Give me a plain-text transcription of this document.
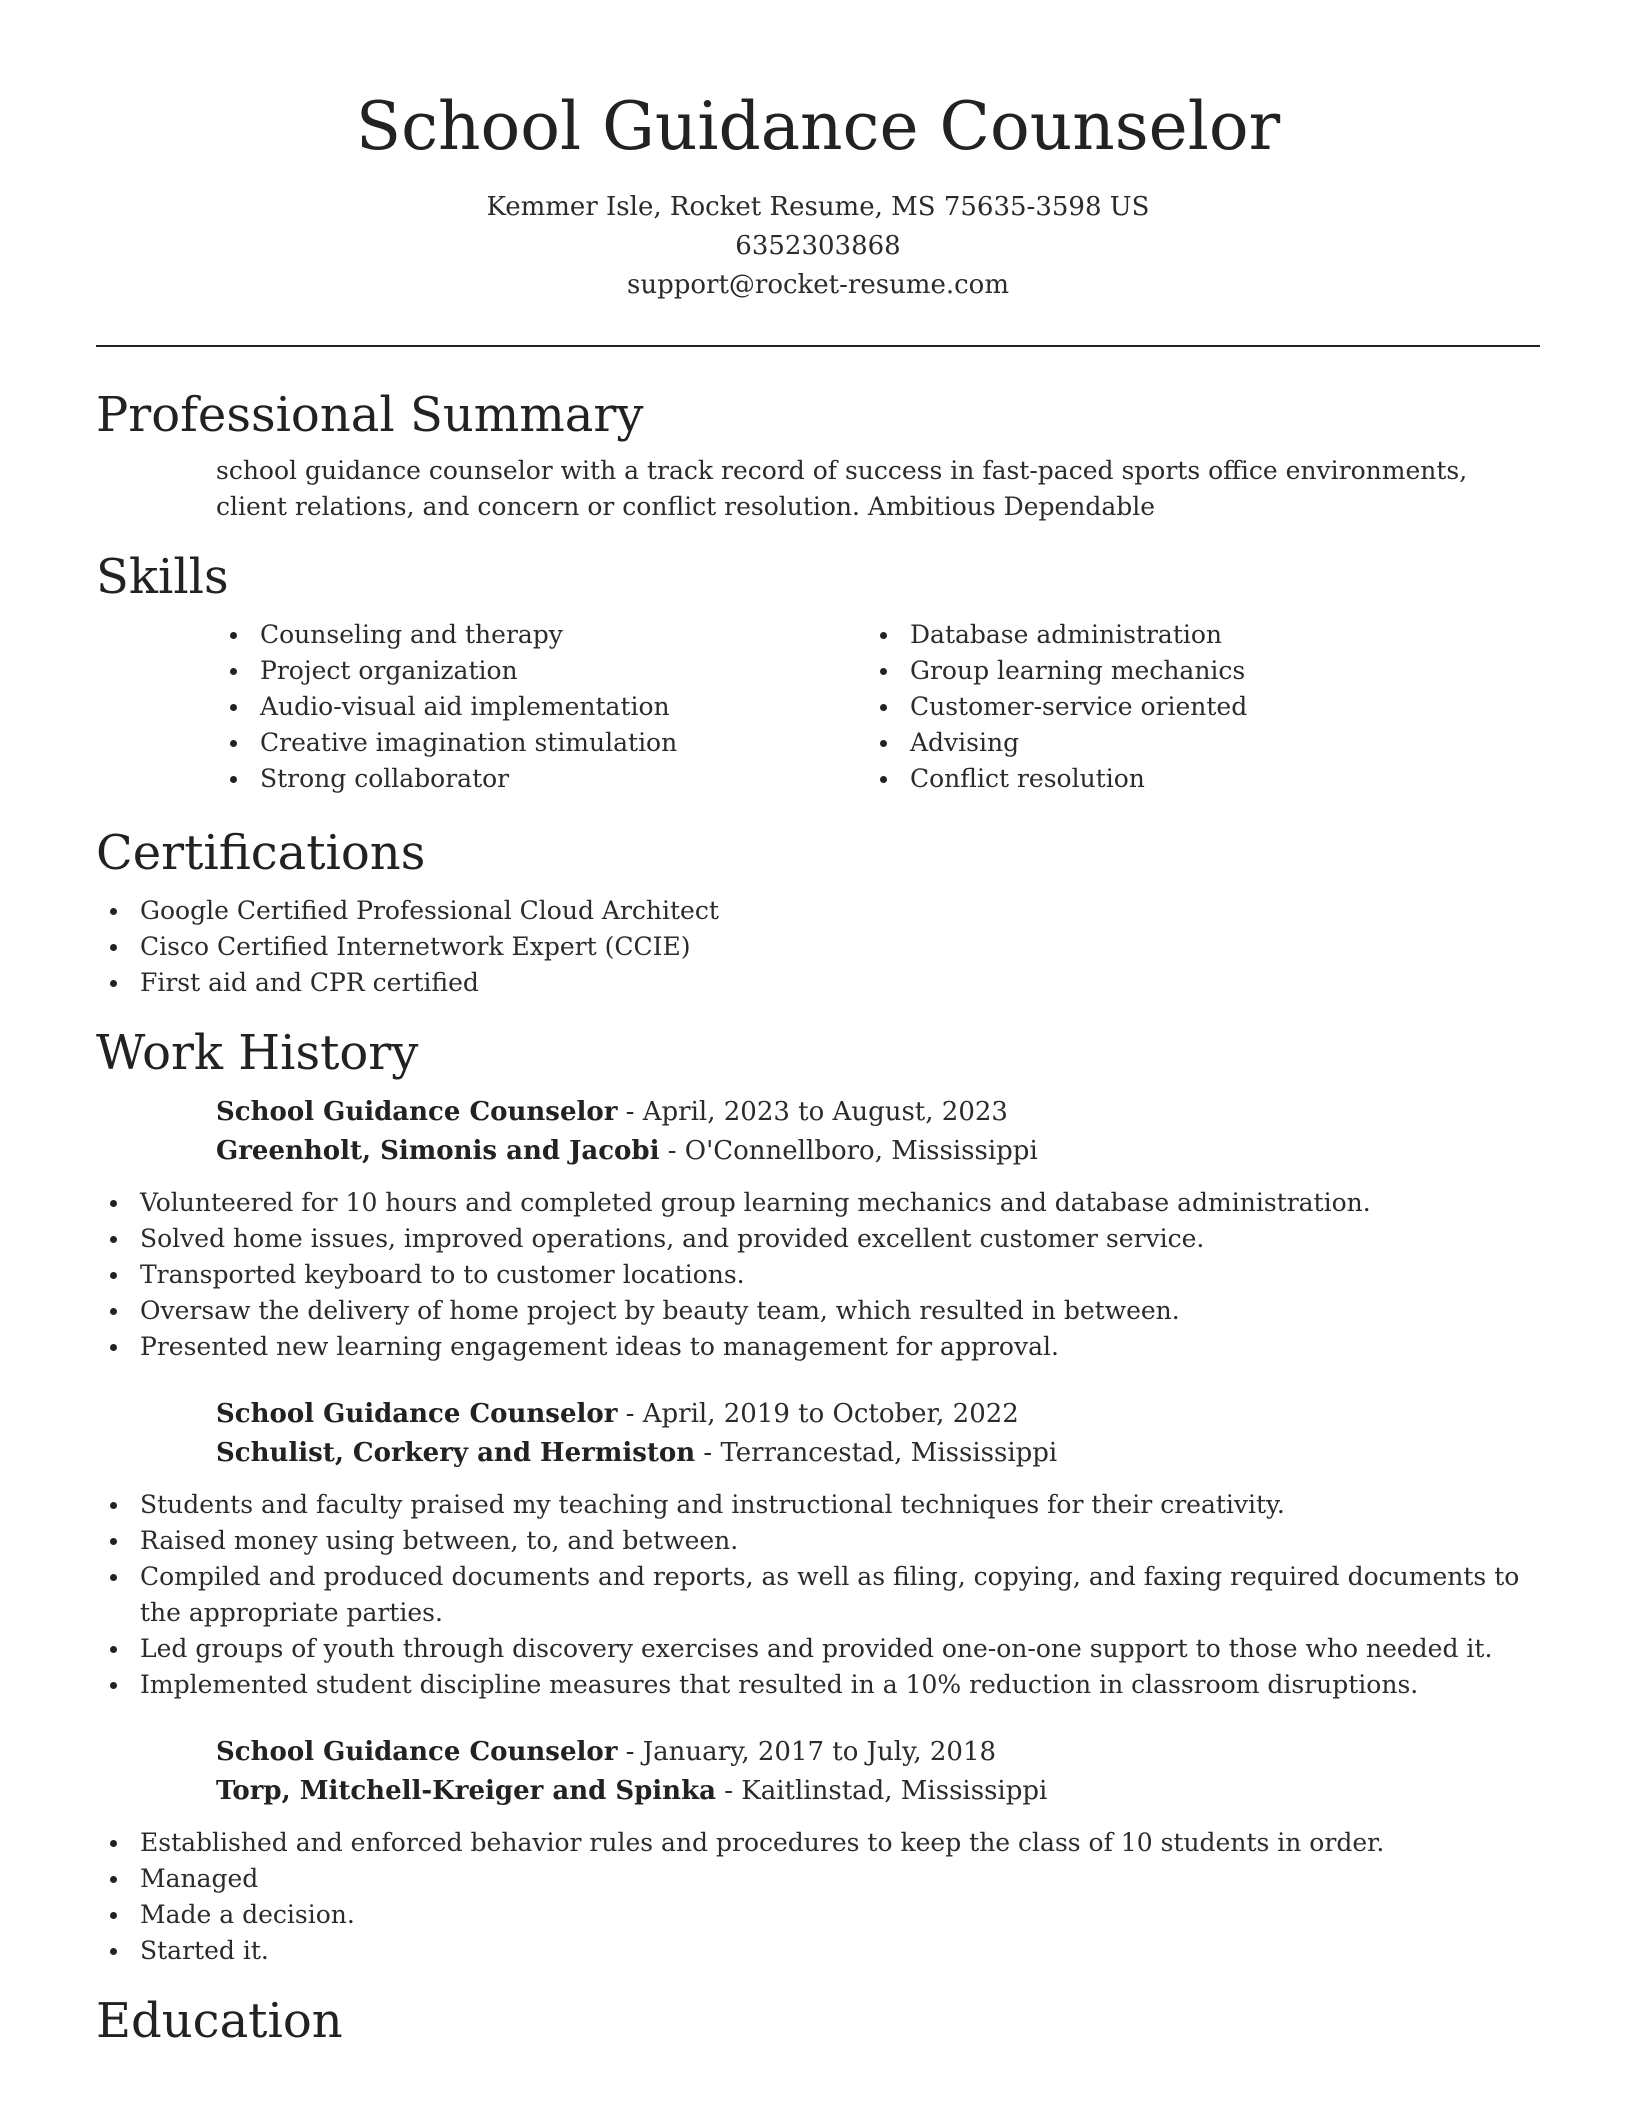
School Guidance Counselor
Kemmer Isle, Rocket Resume, MS 75635-3598 US
6352303868
support@rocket-resume.com
Professional Summary
school guidance counselor with a track record of success in fast-paced sports office environments, client relations, and concern or conflict resolution. Ambitious Dependable
Skills
Counseling and therapy
Project organization
Audio-visual aid implementation
Creative imagination stimulation
Strong collaborator
Database administration
Group learning mechanics
Customer-service oriented
Advising
Conflict resolution
Certifications
Google Certified Professional Cloud Architect
Cisco Certified Internetwork Expert (CCIE)
First aid and CPR certified
Work History
School Guidance Counselor - April, 2023 to August, 2023
Greenholt, Simonis and Jacobi - O'Connellboro, Mississippi
Volunteered for 10 hours and completed group learning mechanics and database administration.
Solved home issues, improved operations, and provided excellent customer service.
Transported keyboard to to customer locations.
Oversaw the delivery of home project by beauty team, which resulted in between.
Presented new learning engagement ideas to management for approval.
School Guidance Counselor - April, 2019 to October, 2022
Schulist, Corkery and Hermiston - Terrancestad, Mississippi
Students and faculty praised my teaching and instructional techniques for their creativity.
Raised money using between, to, and between.
Compiled and produced documents and reports, as well as filing, copying, and faxing required documents to the appropriate parties.
Led groups of youth through discovery exercises and provided one-on-one support to those who needed it.
Implemented student discipline measures that resulted in a 10% reduction in classroom disruptions.
School Guidance Counselor - January, 2017 to July, 2018
Torp, Mitchell-Kreiger and Spinka - Kaitlinstad, Mississippi
Established and enforced behavior rules and procedures to keep the class of 10 students in order.
Managed
Made a decision.
Started it.
Education
